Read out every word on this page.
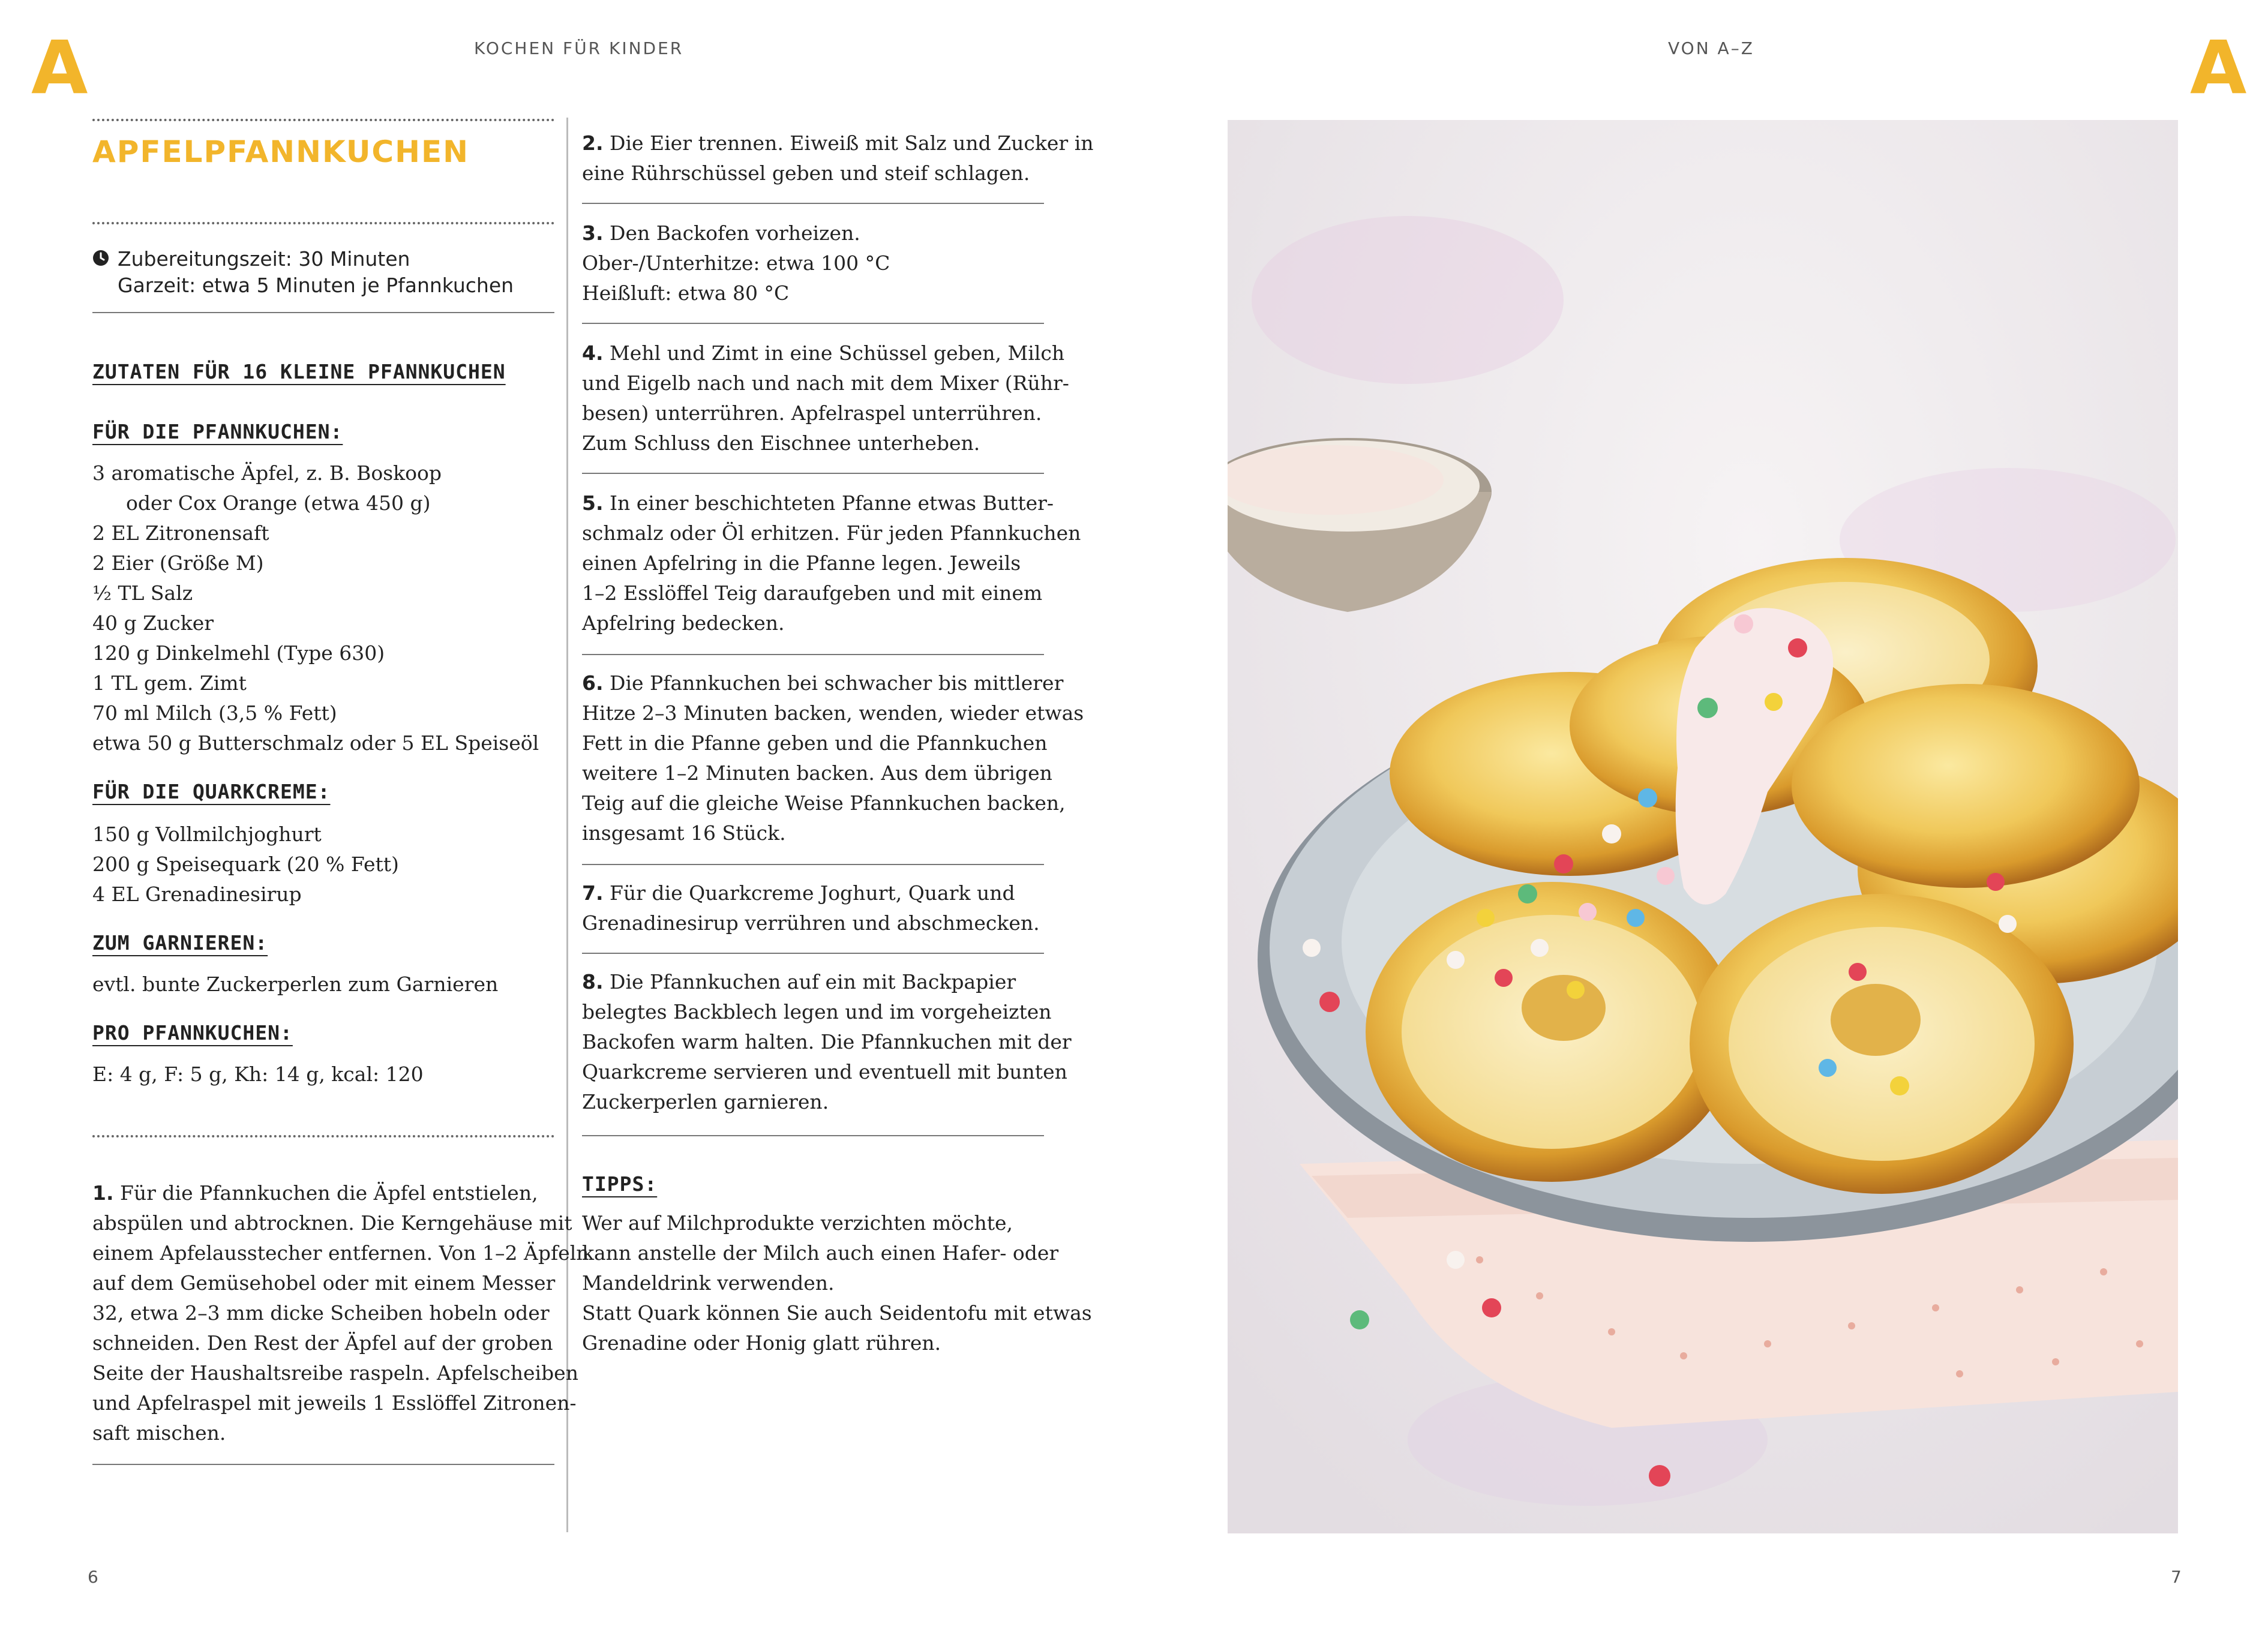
A	KOCHEN FÜR KINDER	VON A–Z	A
APFELPFANNKUCHEN
Zubereitungszeit: 30 Minuten
Garzeit: etwa 5 Minuten je Pfannkuchen
ZUTATEN FÜR 16 KLEINE PFANNKUCHEN
FÜR DIE PFANNKUCHEN:
3 aromatische Äpfel, z. B. Boskoop
oder Cox Orange (etwa 450 g)
2 EL Zitronensaft
2 Eier (Größe M)
½ TL Salz
40 g Zucker
120 g Dinkelmehl (Type 630)
1 TL gem. Zimt
70 ml Milch (3,5 % Fett)
etwa 50 g Butterschmalz oder 5 EL Speiseöl
FÜR DIE QUARKCREME:
150 g Vollmilchjoghurt
200 g Speisequark (20 % Fett)
4 EL Grenadinesirup
ZUM GARNIEREN:
evtl. bunte Zuckerperlen zum Garnieren
PRO PFANNKUCHEN:
E: 4 g, F: 5 g, Kh: 14 g, kcal: 120
1. Für die Pfannkuchen die Äpfel entstielen,
abspülen und abtrocknen. Die Kerngehäuse mit
einem Apfelausstecher entfernen. Von 1–2 Äpfeln
auf dem Gemüsehobel oder mit einem Messer
32, etwa 2–3 mm dicke Scheiben hobeln oder
schneiden. Den Rest der Äpfel auf der groben
Seite der Haushaltsreibe raspeln. Apfelscheiben
und Apfelraspel mit jeweils 1 Esslöffel Zitronen-
saft mischen.
2. Die Eier trennen. Eiweiß mit Salz und Zucker in
eine Rührschüssel geben und steif schlagen.
3. Den Backofen vorheizen.
Ober-/Unterhitze: etwa 100 °C
Heißluft: etwa 80 °C
4. Mehl und Zimt in eine Schüssel geben, Milch
und Eigelb nach und nach mit dem Mixer (Rühr-
besen) unterrühren. Apfelraspel unterrühren.
Zum Schluss den Eischnee unterheben.
5. In einer beschichteten Pfanne etwas Butter-
schmalz oder Öl erhitzen. Für jeden Pfannkuchen
einen Apfelring in die Pfanne legen. Jeweils
1–2 Esslöffel Teig daraufgeben und mit einem
Apfelring bedecken.
6. Die Pfannkuchen bei schwacher bis mittlerer
Hitze 2–3 Minuten backen, wenden, wieder etwas
Fett in die Pfanne geben und die Pfannkuchen
weitere 1–2 Minuten backen. Aus dem übrigen
Teig auf die gleiche Weise Pfannkuchen backen,
insgesamt 16 Stück.
7. Für die Quarkcreme Joghurt, Quark und
Grenadinesirup verrühren und abschmecken.
8. Die Pfannkuchen auf ein mit Backpapier
belegtes Backblech legen und im vorgeheizten
Backofen warm halten. Die Pfannkuchen mit der
Quarkcreme servieren und eventuell mit bunten
Zuckerperlen garnieren.
TIPPS:
Wer auf Milchprodukte verzichten möchte,
kann anstelle der Milch auch einen Hafer- oder
Mandeldrink verwenden.
Statt Quark können Sie auch Seidentofu mit etwas
Grenadine oder Honig glatt rühren.
6	7
